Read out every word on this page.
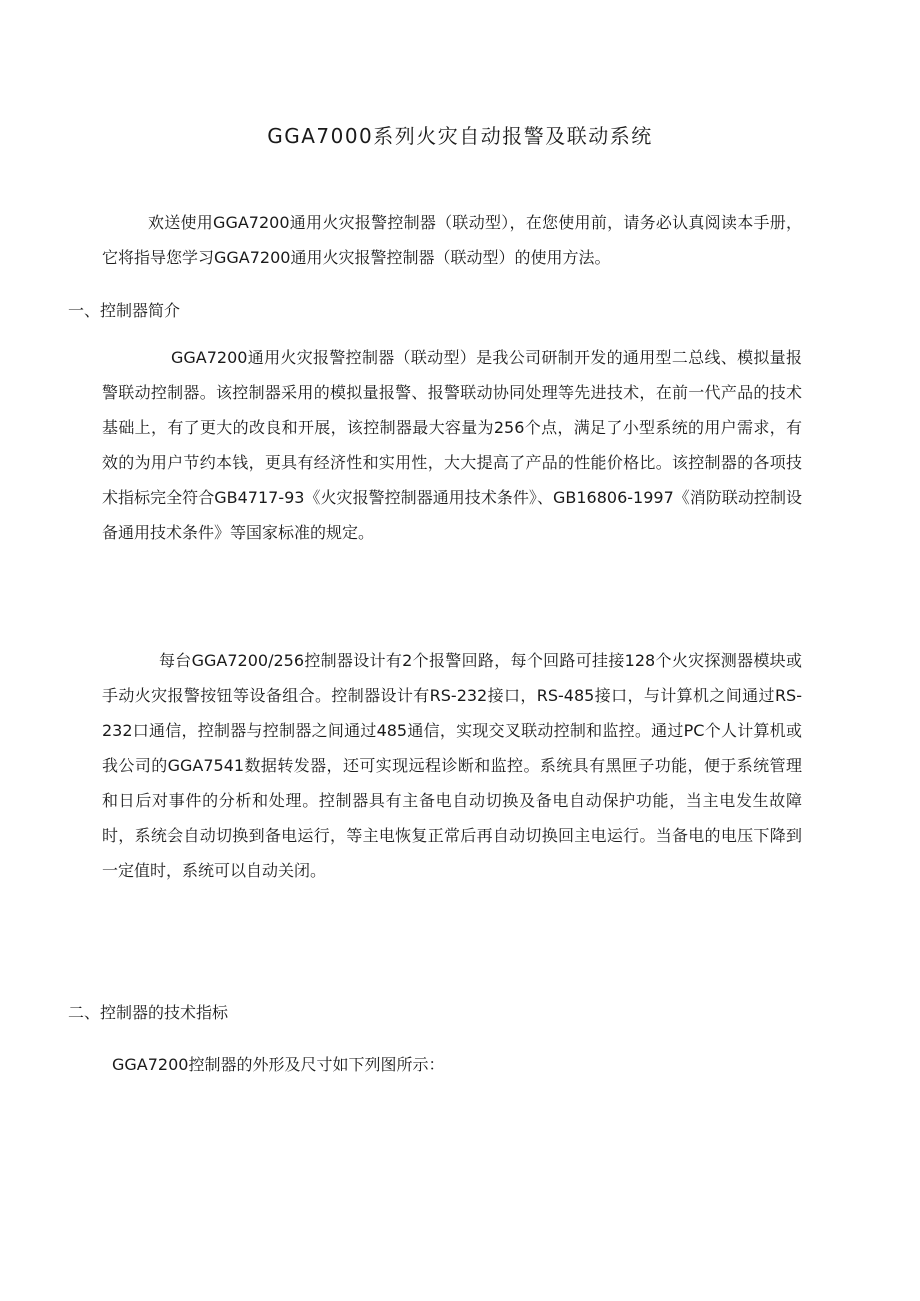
GGA7000系列火灾自动报警及联动系统

欢送使用GGA7200通用火灾报警控制器（联动型），在您使用前，请务必认真阅读本手册，它将指导您学习GGA7200通用火灾报警控制器（联动型）的使用方法。

一、控制器简介

GGA7200通用火灾报警控制器（联动型）是我公司研制开发的通用型二总线、模拟量报警联动控制器。该控制器采用的模拟量报警、报警联动协同处理等先进技术，在前一代产品的技术基础上，有了更大的改良和开展，该控制器最大容量为256个点，满足了小型系统的用户需求，有效的为用户节约本钱，更具有经济性和实用性，大大提高了产品的性能价格比。该控制器的各项技术指标完全符合GB4717-93《火灾报警控制器通用技术条件》、GB16806-1997《消防联动控制设备通用技术条件》等国家标准的规定。

每台GGA7200/256控制器设计有2个报警回路，每个回路可挂接128个火灾探测器模块或手动火灾报警按钮等设备组合。控制器设计有RS-232接口，RS-485接口，与计算机之间通过RS-232口通信，控制器与控制器之间通过485通信，实现交叉联动控制和监控。通过PC个人计算机或我公司的GGA7541数据转发器，还可实现远程诊断和监控。系统具有黑匣子功能，便于系统管理和日后对事件的分析和处理。控制器具有主备电自动切换及备电自动保护功能，当主电发生故障时，系统会自动切换到备电运行，等主电恢复正常后再自动切换回主电运行。当备电的电压下降到一定值时，系统可以自动关闭。

二、控制器的技术指标

GGA7200控制器的外形及尺寸如下列图所示：
